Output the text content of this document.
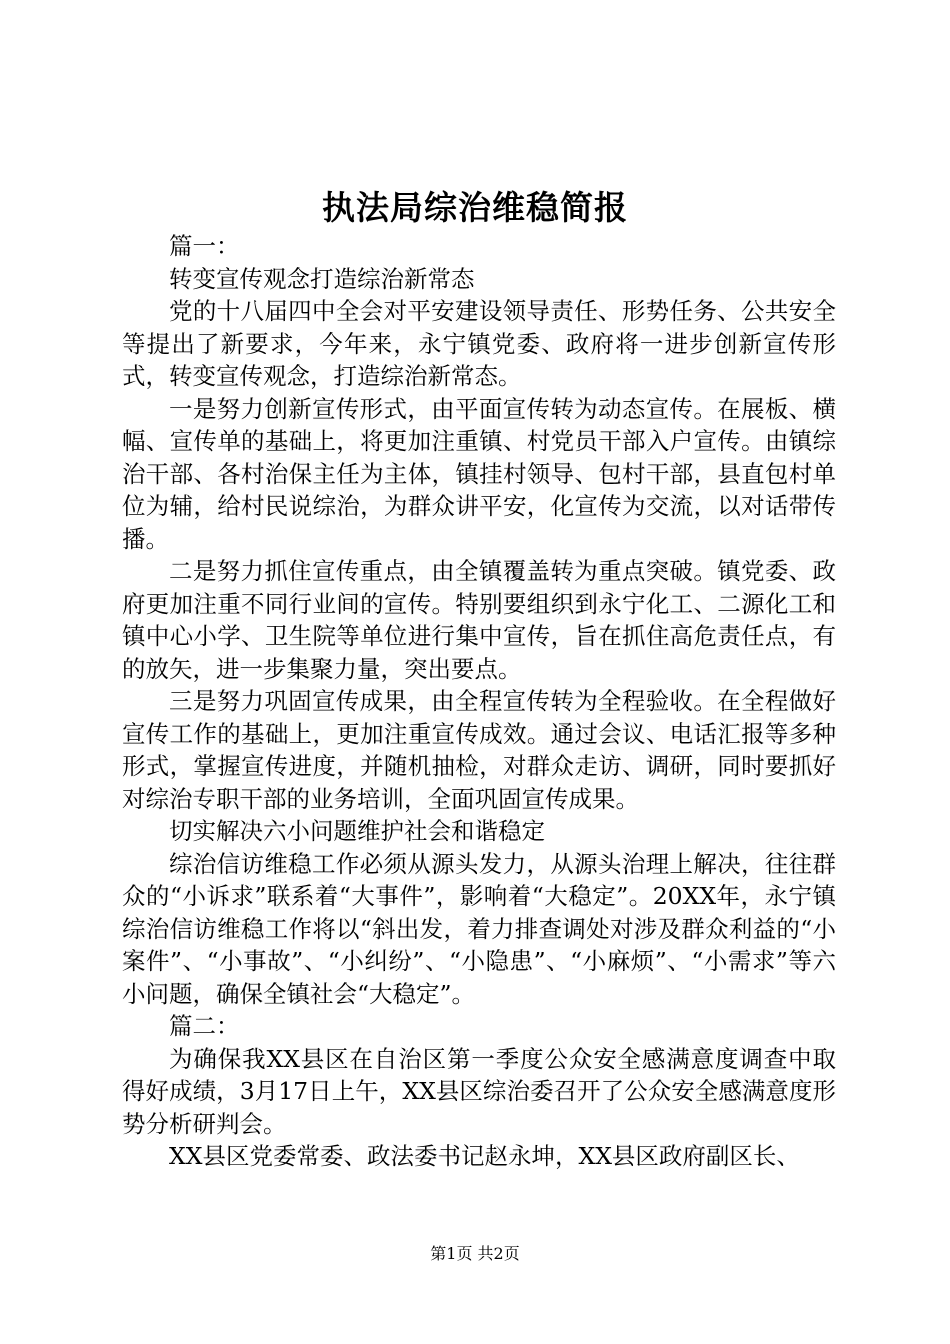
执法局综治维稳简报

篇一：

转变宣传观念打造综治新常态

党的十八届四中全会对平安建设领导责任、形势任务、公共安全等提出了新要求，今年来，永宁镇党委、政府将一进步创新宣传形式，转变宣传观念，打造综治新常态。

一是努力创新宣传形式，由平面宣传转为动态宣传。在展板、横幅、宣传单的基础上，将更加注重镇、村党员干部入户宣传。由镇综治干部、各村治保主任为主体，镇挂村领导、包村干部，县直包村单位为辅，给村民说综治，为群众讲平安，化宣传为交流，以对话带传播。

二是努力抓住宣传重点，由全镇覆盖转为重点突破。镇党委、政府更加注重不同行业间的宣传。特别要组织到永宁化工、二源化工和镇中心小学、卫生院等单位进行集中宣传，旨在抓住高危责任点，有的放矢，进一步集聚力量，突出要点。

三是努力巩固宣传成果，由全程宣传转为全程验收。在全程做好宣传工作的基础上，更加注重宣传成效。通过会议、电话汇报等多种形式，掌握宣传进度，并随机抽检，对群众走访、调研，同时要抓好对综治专职干部的业务培训，全面巩固宣传成果。

切实解决六小问题维护社会和谐稳定

综治信访维稳工作必须从源头发力，从源头治理上解决，往往群众的“小诉求”联系着“大事件”，影响着“大稳定”。20XX年，永宁镇综治信访维稳工作将以“斜出发，着力排查调处对涉及群众利益的“小案件”、“小事故”、“小纠纷”、“小隐患”、“小麻烦”、“小需求”等六小问题，确保全镇社会“大稳定”。

篇二：

为确保我XX县区在自治区第一季度公众安全感满意度调查中取得好成绩，3月17日上午，XX县区综治委召开了公众安全感满意度形势分析研判会。

XX县区党委常委、政法委书记赵永坤，XX县区政府副区长、

第1页 共2页
